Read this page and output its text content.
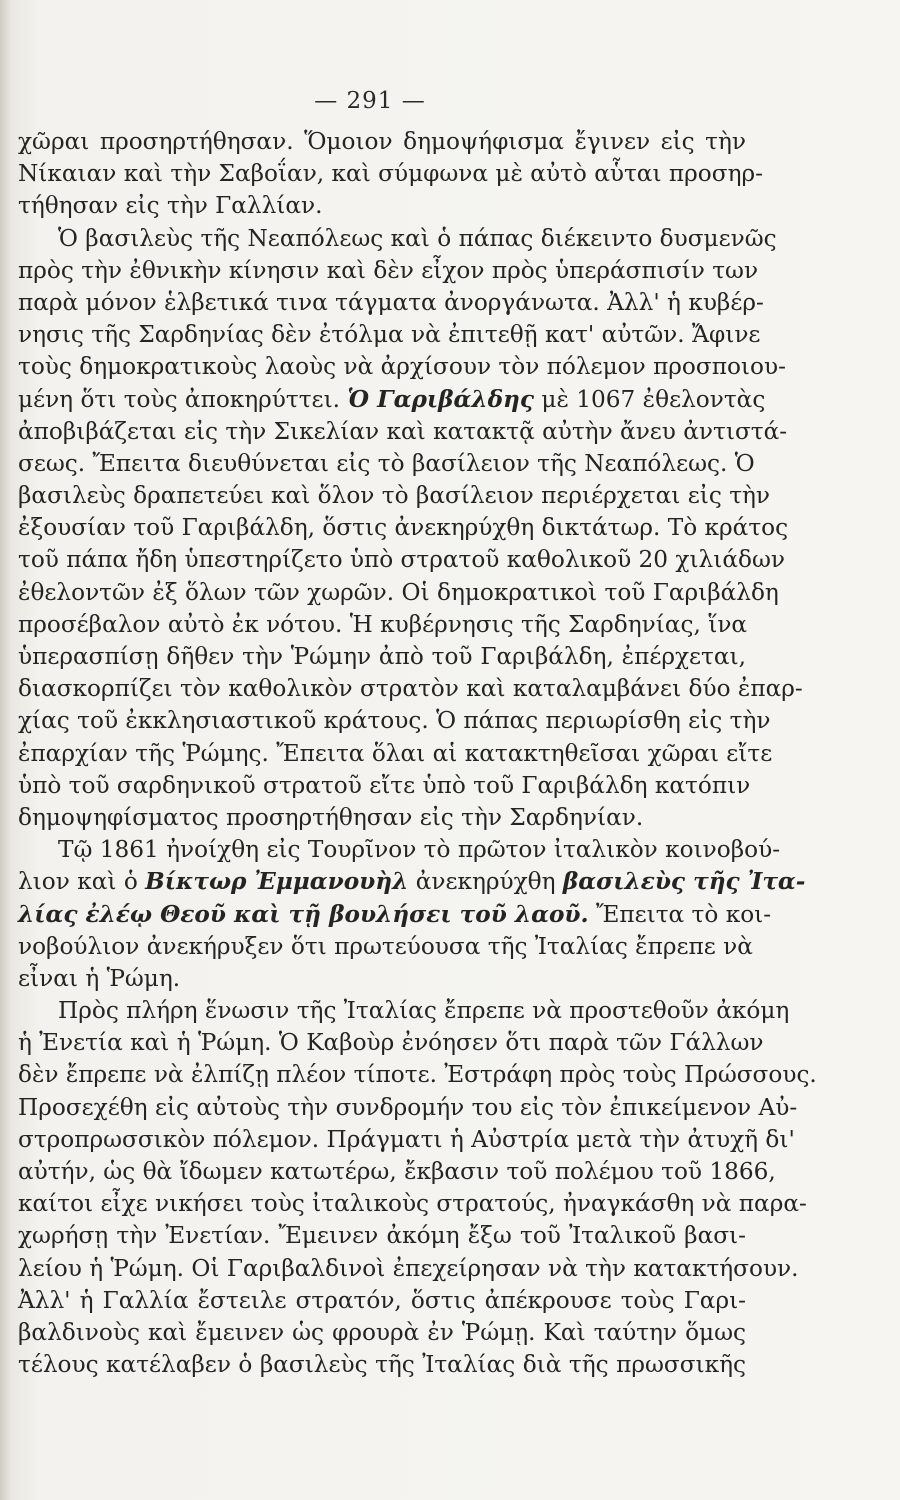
— 291 —
χῶραι προσηρτήθησαν. Ὅμοιον δημοψήφισμα ἔγινεν εἰς τὴν
Νίκαιαν καὶ τὴν Σαβοΐαν, καὶ σύμφωνα μὲ αὐτὸ αὗται προσηρ-
τήθησαν εἰς τὴν Γαλλίαν.
Ὁ βασιλεὺς τῆς Νεαπόλεως καὶ ὁ πάπας διέκειντο δυσμενῶς
πρὸς τὴν ἐθνικὴν κίνησιν καὶ δὲν εἶχον πρὸς ὑπεράσπισίν των
παρὰ μόνον ἑλβετικά τινα τάγματα ἀνοργάνωτα. Ἀλλ' ἡ κυβέρ-
νησις τῆς Σαρδηνίας δὲν ἐτόλμα νὰ ἐπιτεθῇ κατ' αὐτῶν. Ἄφινε
τοὺς δημοκρατικοὺς λαοὺς νὰ ἀρχίσουν τὸν πόλεμον προσποιου-
μένη ὅτι τοὺς ἀποκηρύττει. Ὁ Γαριβάλδης μὲ 1067 ἐθελοντὰς
ἀποβιβάζεται εἰς τὴν Σικελίαν καὶ κατακτᾷ αὐτὴν ἄνευ ἀντιστά-
σεως. Ἔπειτα διευθύνεται εἰς τὸ βασίλειον τῆς Νεαπόλεως. Ὁ
βασιλεὺς δραπετεύει καὶ ὅλον τὸ βασίλειον περιέρχεται εἰς τὴν
ἐξουσίαν τοῦ Γαριβάλδη, ὅστις ἀνεκηρύχθη δικτάτωρ. Τὸ κράτος
τοῦ πάπα ἤδη ὑπεστηρίζετο ὑπὸ στρατοῦ καθολικοῦ 20 χιλιάδων
ἐθελοντῶν ἐξ ὅλων τῶν χωρῶν. Οἱ δημοκρατικοὶ τοῦ Γαριβάλδη
προσέβαλον αὐτὸ ἐκ νότου. Ἡ κυβέρνησις τῆς Σαρδηνίας, ἵνα
ὑπερασπίσῃ δῆθεν τὴν Ῥώμην ἀπὸ τοῦ Γαριβάλδη, ἐπέρχεται,
διασκορπίζει τὸν καθολικὸν στρατὸν καὶ καταλαμβάνει δύο ἐπαρ-
χίας τοῦ ἐκκλησιαστικοῦ κράτους. Ὁ πάπας περιωρίσθη εἰς τὴν
ἐπαρχίαν τῆς Ῥώμης. Ἔπειτα ὅλαι αἱ κατακτηθεῖσαι χῶραι εἴτε
ὑπὸ τοῦ σαρδηνικοῦ στρατοῦ εἴτε ὑπὸ τοῦ Γαριβάλδη κατόπιν
δημοψηφίσματος προσηρτήθησαν εἰς τὴν Σαρδηνίαν.
Τῷ 1861 ἠνοίχθη εἰς Τουρῖνον τὸ πρῶτον ἰταλικὸν κοινοβού-
λιον καὶ ὁ Βίκτωρ Ἐμμανουὴλ ἀνεκηρύχθη βασιλεὺς τῆς Ἰτα-
λίας ἐλέῳ Θεοῦ καὶ τῇ βουλήσει τοῦ λαοῦ. Ἔπειτα τὸ κοι-
νοβούλιον ἀνεκήρυξεν ὅτι πρωτεύουσα τῆς Ἰταλίας ἔπρεπε νὰ
εἶναι ἡ Ῥώμη.
Πρὸς πλήρη ἕνωσιν τῆς Ἰταλίας ἔπρεπε νὰ προστεθοῦν ἀκόμη
ἡ Ἐνετία καὶ ἡ Ῥώμη. Ὁ Καβοὺρ ἐνόησεν ὅτι παρὰ τῶν Γάλλων
δὲν ἔπρεπε νὰ ἐλπίζῃ πλέον τίποτε. Ἐστράφη πρὸς τοὺς Πρώσσους.
Προσεχέθη εἰς αὐτοὺς τὴν συνδρομήν του εἰς τὸν ἐπικείμενον Αὐ-
στροπρωσσικὸν πόλεμον. Πράγματι ἡ Αὐστρία μετὰ τὴν ἀτυχῆ δι'
αὐτήν, ὡς θὰ ἴδωμεν κατωτέρω, ἔκβασιν τοῦ πολέμου τοῦ 1866,
καίτοι εἶχε νικήσει τοὺς ἰταλικοὺς στρατούς, ἠναγκάσθη νὰ παρα-
χωρήσῃ τὴν Ἐνετίαν. Ἔμεινεν ἀκόμη ἔξω τοῦ Ἰταλικοῦ βασι-
λείου ἡ Ῥώμη. Οἱ Γαριβαλδινοὶ ἐπεχείρησαν νὰ τὴν κατακτήσουν.
Ἀλλ' ἡ Γαλλία ἔστειλε στρατόν, ὅστις ἀπέκρουσε τοὺς Γαρι-
βαλδινοὺς καὶ ἔμεινεν ὡς φρουρὰ ἐν Ῥώμῃ. Καὶ ταύτην ὅμως
τέλους κατέλαβεν ὁ βασιλεὺς τῆς Ἰταλίας διὰ τῆς πρωσσικῆς
